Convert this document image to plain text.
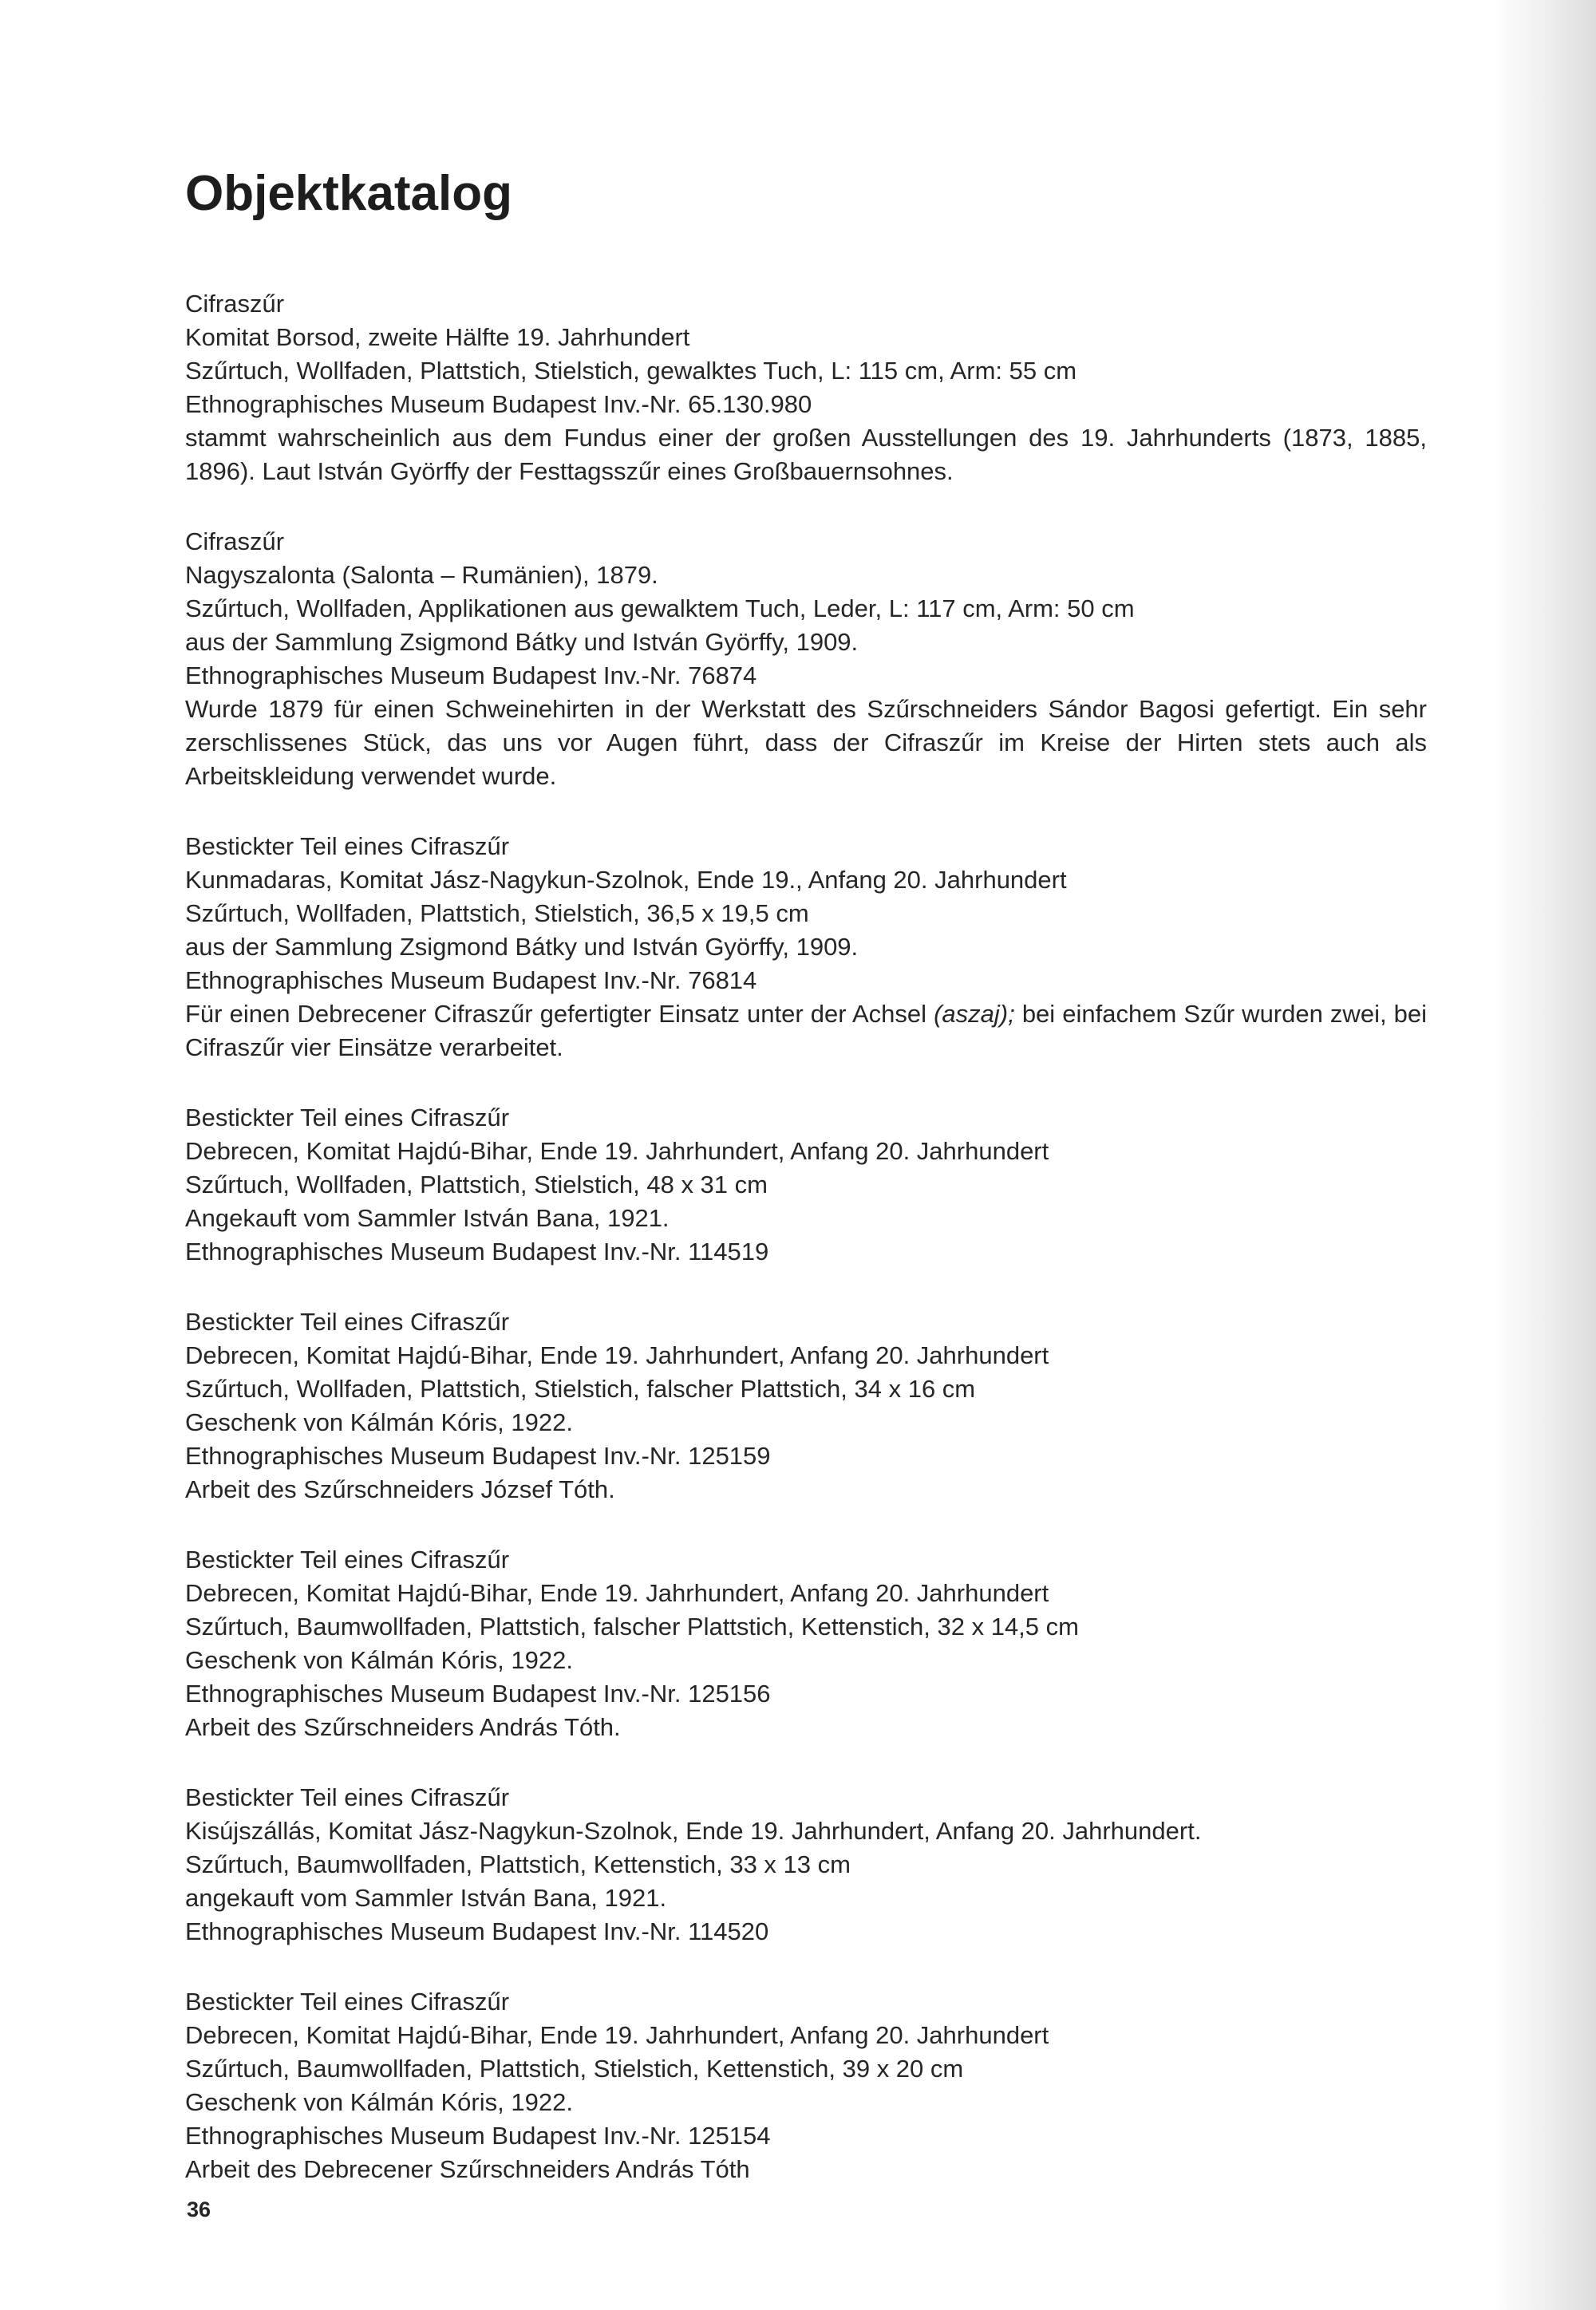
Objektkatalog
Cifraszűr
Komitat Borsod, zweite Hälfte 19. Jahrhundert
Szűrtuch, Wollfaden, Plattstich, Stielstich, gewalktes Tuch, L: 115 cm, Arm: 55 cm
Ethnographisches Museum Budapest Inv.-Nr. 65.130.980
stammt wahrscheinlich aus dem Fundus einer der großen Ausstellungen des 19. Jahrhunderts (1873, 1885, 1896). Laut István Györffy der Festtagsszűr eines Großbauernsohnes.
Cifraszűr
Nagyszalonta (Salonta – Rumänien), 1879.
Szűrtuch, Wollfaden, Applikationen aus gewalktem Tuch, Leder, L: 117 cm, Arm: 50 cm
aus der Sammlung Zsigmond Bátky und István Györffy, 1909.
Ethnographisches Museum Budapest Inv.-Nr. 76874
Wurde 1879 für einen Schweinehirten in der Werkstatt des Szűrschneiders Sándor Bagosi gefertigt. Ein sehr zerschlissenes Stück, das uns vor Augen führt, dass der Cifraszűr im Kreise der Hirten stets auch als Arbeitskleidung verwendet wurde.
Bestickter Teil eines Cifraszűr
Kunmadaras, Komitat Jász-Nagykun-Szolnok, Ende 19., Anfang 20. Jahrhundert
Szűrtuch, Wollfaden, Plattstich, Stielstich, 36,5 x 19,5 cm
aus der Sammlung Zsigmond Bátky und István Györffy, 1909.
Ethnographisches Museum Budapest Inv.-Nr. 76814
Für einen Debrecener Cifraszűr gefertigter Einsatz unter der Achsel (aszaj); bei einfachem Szűr wurden zwei, bei Cifraszűr vier Einsätze verarbeitet.
Bestickter Teil eines Cifraszűr
Debrecen, Komitat Hajdú-Bihar, Ende 19. Jahrhundert, Anfang 20. Jahrhundert
Szűrtuch, Wollfaden, Plattstich, Stielstich, 48 x 31 cm
Angekauft vom Sammler István Bana, 1921.
Ethnographisches Museum Budapest Inv.-Nr. 114519
Bestickter Teil eines Cifraszűr
Debrecen, Komitat Hajdú-Bihar, Ende 19. Jahrhundert, Anfang 20. Jahrhundert
Szűrtuch, Wollfaden, Plattstich, Stielstich, falscher Plattstich, 34 x 16 cm
Geschenk von Kálmán Kóris, 1922.
Ethnographisches Museum Budapest Inv.-Nr. 125159
Arbeit des Szűrschneiders József Tóth.
Bestickter Teil eines Cifraszűr
Debrecen, Komitat Hajdú-Bihar, Ende 19. Jahrhundert, Anfang 20. Jahrhundert
Szűrtuch, Baumwollfaden, Plattstich, falscher Plattstich, Kettenstich, 32 x 14,5 cm
Geschenk von Kálmán Kóris, 1922.
Ethnographisches Museum Budapest Inv.-Nr. 125156
Arbeit des Szűrschneiders András Tóth.
Bestickter Teil eines Cifraszűr
Kisújszállás, Komitat Jász-Nagykun-Szolnok, Ende 19. Jahrhundert, Anfang 20. Jahrhundert.
Szűrtuch, Baumwollfaden, Plattstich, Kettenstich, 33 x 13 cm
angekauft vom Sammler István Bana, 1921.
Ethnographisches Museum Budapest Inv.-Nr. 114520
Bestickter Teil eines Cifraszűr
Debrecen, Komitat Hajdú-Bihar, Ende 19. Jahrhundert, Anfang 20. Jahrhundert
Szűrtuch, Baumwollfaden, Plattstich, Stielstich, Kettenstich, 39 x 20 cm
Geschenk von Kálmán Kóris, 1922.
Ethnographisches Museum Budapest Inv.-Nr. 125154
Arbeit des Debrecener Szűrschneiders András Tóth
36
